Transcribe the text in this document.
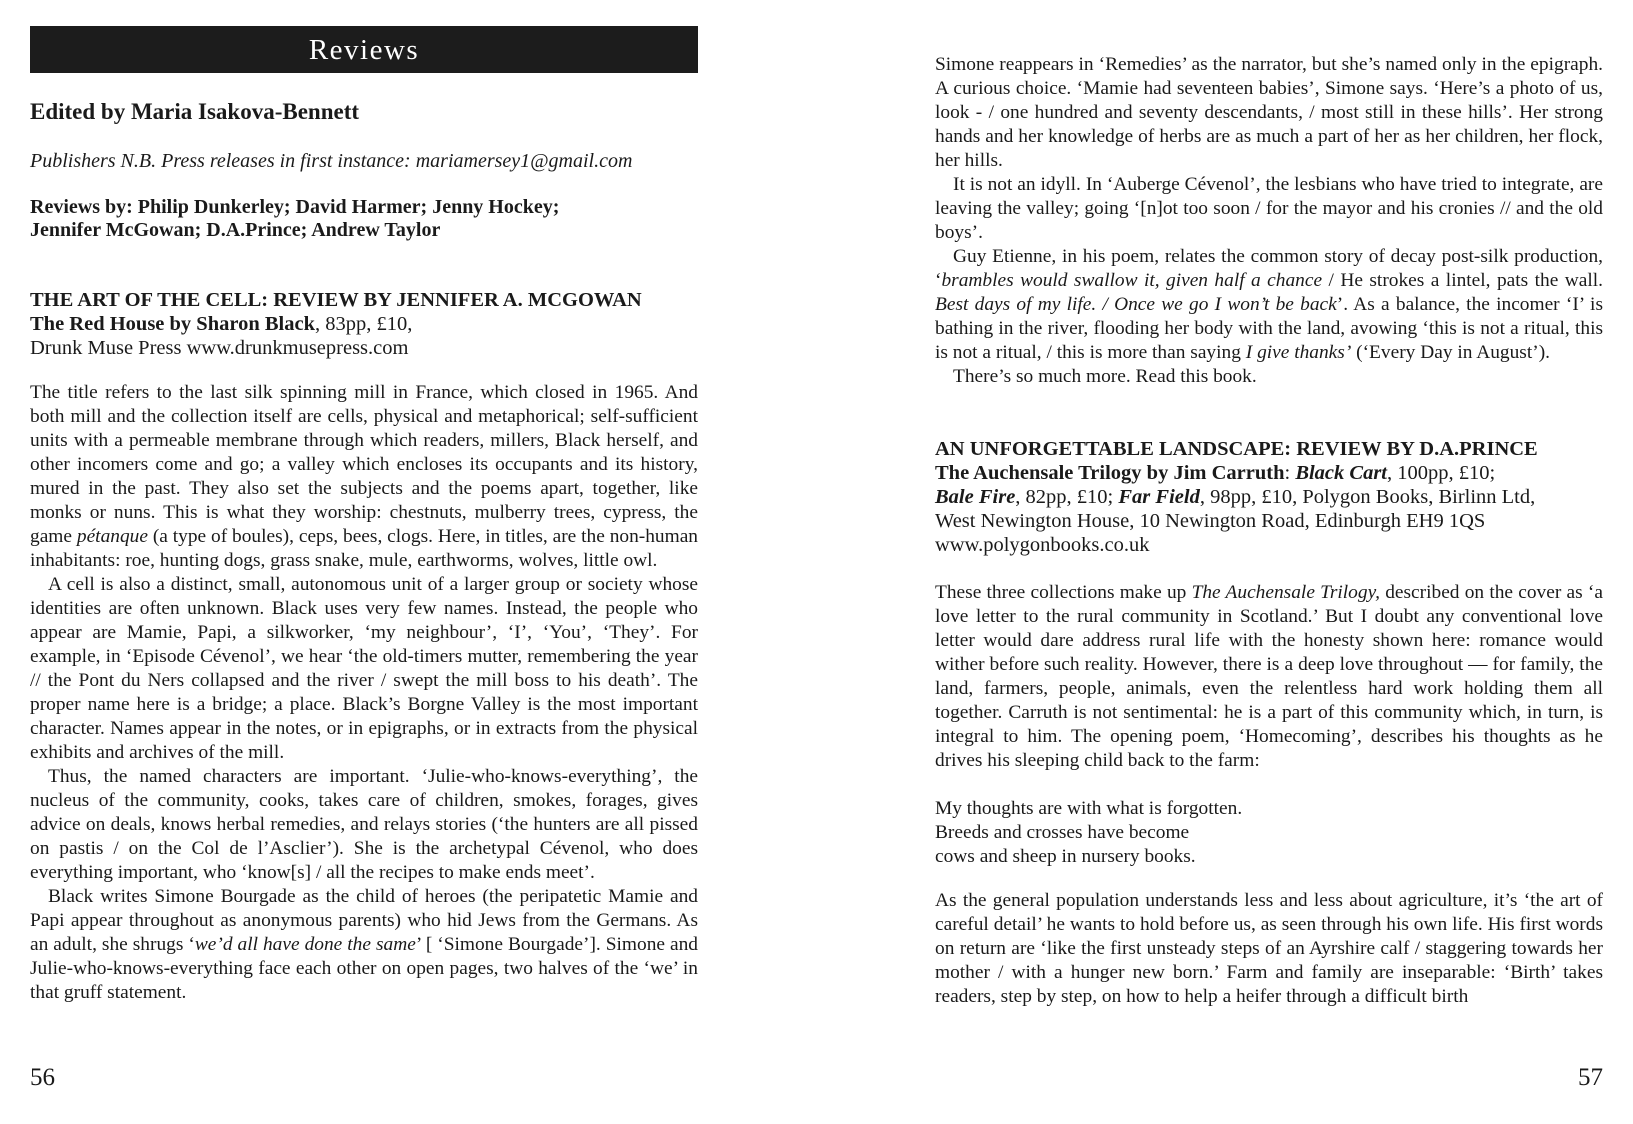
Reviews
Edited by Maria Isakova-Bennett
Publishers N.B. Press releases in first instance: mariamersey1@gmail.com
Reviews by: Philip Dunkerley; David Harmer; Jenny Hockey;
Jennifer McGowan; D.A.Prince; Andrew Taylor
THE ART OF THE CELL: REVIEW BY JENNIFER A. MCGOWAN
The Red House by Sharon Black, 83pp, £10,
Drunk Muse Press www.drunkmusepress.com

The title refers to the last silk spinning mill in France, which closed in 1965. And both mill and the collection itself are cells, physical and metaphorical; self-sufficient units with a permeable membrane through which readers, millers, Black herself, and other incomers come and go; a valley which encloses its occupants and its history, mured in the past. They also set the subjects and the poems apart, together, like monks or nuns. This is what they worship: chestnuts, mulberry trees, cypress, the game pétanque (a type of boules), ceps, bees, clogs. Here, in titles, are the non-human inhabitants: roe, hunting dogs, grass snake, mule, earthworms, wolves, little owl.

A cell is also a distinct, small, autonomous unit of a larger group or society whose identities are often unknown. Black uses very few names. Instead, the people who appear are Mamie, Papi, a silkworker, ‘my neighbour’, ‘I’, ‘You’, ‘They’. For example, in ‘Episode Cévenol’, we hear ‘the old-timers mutter, remembering the year // the Pont du Ners collapsed and the river / swept the mill boss to his death’. The proper name here is a bridge; a place. Black’s Borgne Valley is the most important character. Names appear in the notes, or in epigraphs, or in extracts from the physical exhibits and archives of the mill.

Thus, the named characters are important. ‘Julie-who-knows-everything’, the nucleus of the community, cooks, takes care of children, smokes, forages, gives advice on deals, knows herbal remedies, and relays stories (‘the hunters are all pissed on pastis / on the Col de l’Asclier’). She is the archetypal Cévenol, who does everything important, who ‘know[s] / all the recipes to make ends meet’.

Black writes Simone Bourgade as the child of heroes (the peripatetic Mamie and Papi appear throughout as anonymous parents) who hid Jews from the Germans. As an adult, she shrugs ‘we’d all have done the same’ [ ‘Simone Bourgade’]. Simone and Julie-who-knows-everything face each other on open pages, two halves of the ‘we’ in that gruff statement.

56

Simone reappears in ‘Remedies’ as the narrator, but she’s named only in the epigraph. A curious choice. ‘Mamie had seventeen babies’, Simone says. ‘Here’s a photo of us, look - / one hundred and seventy descendants, / most still in these hills’. Her strong hands and her knowledge of herbs are as much a part of her as her children, her flock, her hills.

It is not an idyll. In ‘Auberge Cévenol’, the lesbians who have tried to integrate, are leaving the valley; going ‘[n]ot too soon / for the mayor and his cronies // and the old boys’.

Guy Etienne, in his poem, relates the common story of decay post-silk production, ‘brambles would swallow it, given half a chance / He strokes a lintel, pats the wall. Best days of my life. / Once we go I won’t be back’. As a balance, the incomer ‘I’ is bathing in the river, flooding her body with the land, avowing ‘this is not a ritual, this is not a ritual, / this is more than saying I give thanks’ (‘Every Day in August’).

There’s so much more. Read this book.

AN UNFORGETTABLE LANDSCAPE: REVIEW BY D.A.PRINCE
The Auchensale Trilogy by Jim Carruth: Black Cart, 100pp, £10;
Bale Fire, 82pp, £10; Far Field, 98pp, £10, Polygon Books, Birlinn Ltd,
West Newington House, 10 Newington Road, Edinburgh EH9 1QS
www.polygonbooks.co.uk

These three collections make up The Auchensale Trilogy, described on the cover as ‘a love letter to the rural community in Scotland.’ But I doubt any conventional love letter would dare address rural life with the honesty shown here: romance would wither before such reality. However, there is a deep love throughout — for family, the land, farmers, people, animals, even the relentless hard work holding them all together. Carruth is not sentimental: he is a part of this community which, in turn, is integral to him. The opening poem, ‘Homecoming’, describes his thoughts as he drives his sleeping child back to the farm:

My thoughts are with what is forgotten.
Breeds and crosses have become
cows and sheep in nursery books.

As the general population understands less and less about agriculture, it’s ‘the art of careful detail’ he wants to hold before us, as seen through his own life. His first words on return are ‘like the first unsteady steps of an Ayrshire calf / staggering towards her mother / with a hunger new born.’ Farm and family are inseparable: ‘Birth’ takes readers, step by step, on how to help a heifer through a difficult birth

57
